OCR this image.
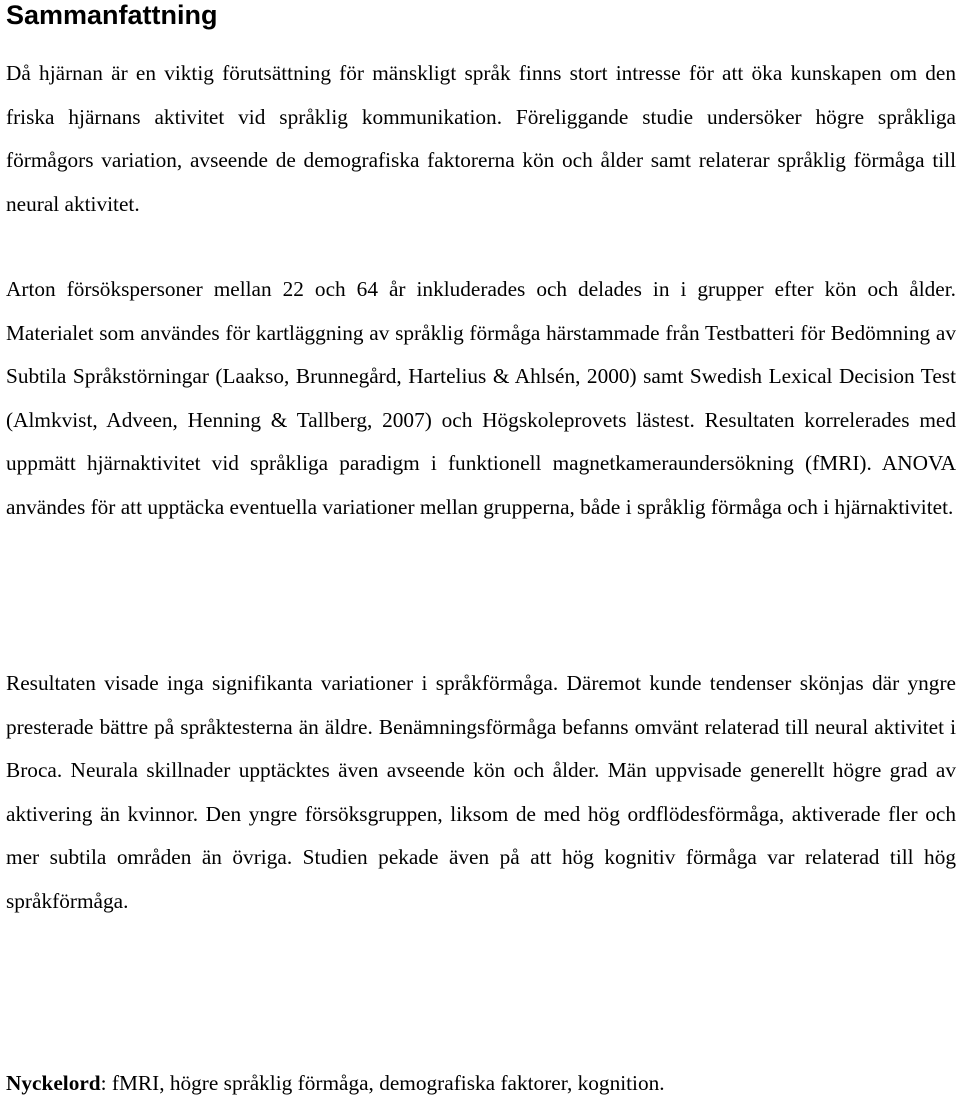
Sammanfattning

Då hjärnan är en viktig förutsättning för mänskligt språk finns stort intresse för att öka kunskapen om den friska hjärnans aktivitet vid språklig kommunikation. Föreliggande studie undersöker högre språkliga förmågors variation, avseende de demografiska faktorerna kön och ålder samt relaterar språklig förmåga till neural aktivitet.

Arton försökspersoner mellan 22 och 64 år inkluderades och delades in i grupper efter kön och ålder. Materialet som användes för kartläggning av språklig förmåga härstammade från Testbatteri för Bedömning av Subtila Språkstörningar (Laakso, Brunnegård, Hartelius & Ahlsén, 2000) samt Swedish Lexical Decision Test (Almkvist, Adveen, Henning & Tallberg, 2007) och Högskoleprovets lästest. Resultaten korrelerades med uppmätt hjärnaktivitet vid språkliga paradigm i funktionell magnetkameraundersökning (fMRI). ANOVA användes för att upptäcka eventuella variationer mellan grupperna, både i språklig förmåga och i hjärnaktivitet.

Resultaten visade inga signifikanta variationer i språkförmåga. Däremot kunde tendenser skönjas där yngre presterade bättre på språktesterna än äldre. Benämningsförmåga befanns omvänt relaterad till neural aktivitet i Broca. Neurala skillnader upptäcktes även avseende kön och ålder. Män uppvisade generellt högre grad av aktivering än kvinnor. Den yngre försöksgruppen, liksom de med hög ordflödesförmåga, aktiverade fler och mer subtila områden än övriga. Studien pekade även på att hög kognitiv förmåga var relaterad till hög språkförmåga.

Nyckelord: fMRI, högre språklig förmåga, demografiska faktorer, kognition.
